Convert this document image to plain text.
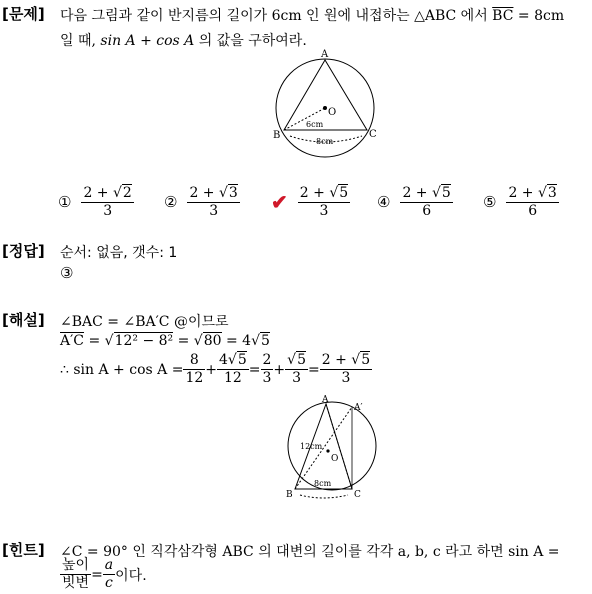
[문제] 다음 그림과 같이 반지름의 길이가 6cm 인 원에 내접하는 △ABC 에서 $\overline{BC} = 8cm$
일 때, sin A + cos A 의 값을 구하여라.
A
B	C
O
6cm
8cm
① $\frac{2 + √2}{3}$ ② $\frac{2 + √3}{3}$ ✔ $\frac{2 + √5}{3}$ ④ $\frac{2 + √5}{6}$ ⑤ $\frac{2 + √3}{6}$
[정답] 순서: 없음, 갯수: 1
③
[해설] ∠BAC = ∠BA′C @이므로
A′C = √12² − 8² = √80 = 4√5
∴ $\sin A + \cos A = \frac{8}{12} + \frac{4√5}{12} = \frac{2}{3} + \frac{√5}{3} = \frac{2 + √5}{3}$
A
A′
B	C
O
12cm
8cm
[힌트] ∠C = 90° 인 직각삼각형 ABC 의 대변의 길이를 각각 a, b, c 라고 하면 sin A =
$\frac{\text{높이}}{\text{빗변}} = \frac{a}{c}$ 이다.
